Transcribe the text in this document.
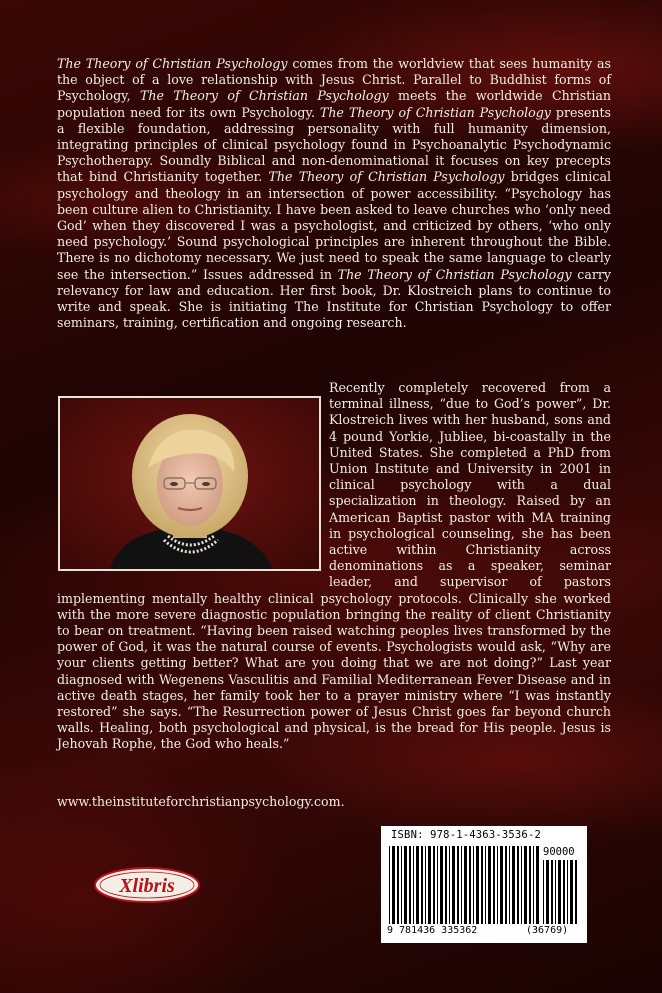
The Theory of Christian Psychology comes from the worldview that sees humanity as the object of a love relationship with Jesus Christ. Parallel to Buddhist forms of Psychology, The Theory of Christian Psychology meets the worldwide Christian population need for its own Psychology. The Theory of Christian Psychology presents a flexible foundation, addressing personality with full humanity dimension, integrating principles of clinical psychology found in Psychoanalytic Psychodynamic Psychotherapy. Soundly Biblical and non-denominational it focuses on key precepts that bind Christianity together. The Theory of Christian Psychology bridges clinical psychology and theology in an intersection of power accessibility. “Psychology has been culture alien to Christianity. I have been asked to leave churches who ‘only need God’ when they discovered I was a psychologist, and criticized by others, ‘who only need psychology.’ Sound psychological principles are inherent throughout the Bible. There is no dichotomy necessary. We just need to speak the same language to clearly see the intersection.” Issues addressed in The Theory of Christian Psychology carry relevancy for law and education. Her first book, Dr. Klostreich plans to continue to write and speak. She is initiating The Institute for Christian Psychology to offer seminars, training, certification and ongoing research.

Recently completely recovered from a terminal illness, “due to God’s power”, Dr. Klostreich lives with her husband, sons and 4 pound Yorkie, Jubliee, bi-coastally in the United States. She completed a PhD from Union Institute and University in 2001 in clinical psychology with a dual specialization in theology. Raised by an American Baptist pastor with MA training in psychological counseling, she has been active within Christianity across denominations as a speaker, seminar leader, and supervisor of pastors implementing mentally healthy clinical psychology protocols. Clinically she worked with the more severe diagnostic population bringing the reality of client Christianity to bear on treatment. “Having been raised watching peoples lives transformed by the power of God, it was the natural course of events. Psychologists would ask, “Why are your clients getting better? What are you doing that we are not doing?” Last year diagnosed with Wegenens Vasculitis and Familial Mediterranean Fever Disease and in active death stages, her family took her to a prayer ministry where “I was instantly restored” she says. “The Resurrection power of Jesus Christ goes far beyond church walls. Healing, both psychological and physical, is the bread for His people. Jesus is Jehovah Rophe, the God who heals.”

www.theinstituteforchristianpsychology.com.

Xlibris

ISBN: 978-1-4363-3536-2

90000

9 781436 335362	(36769)
